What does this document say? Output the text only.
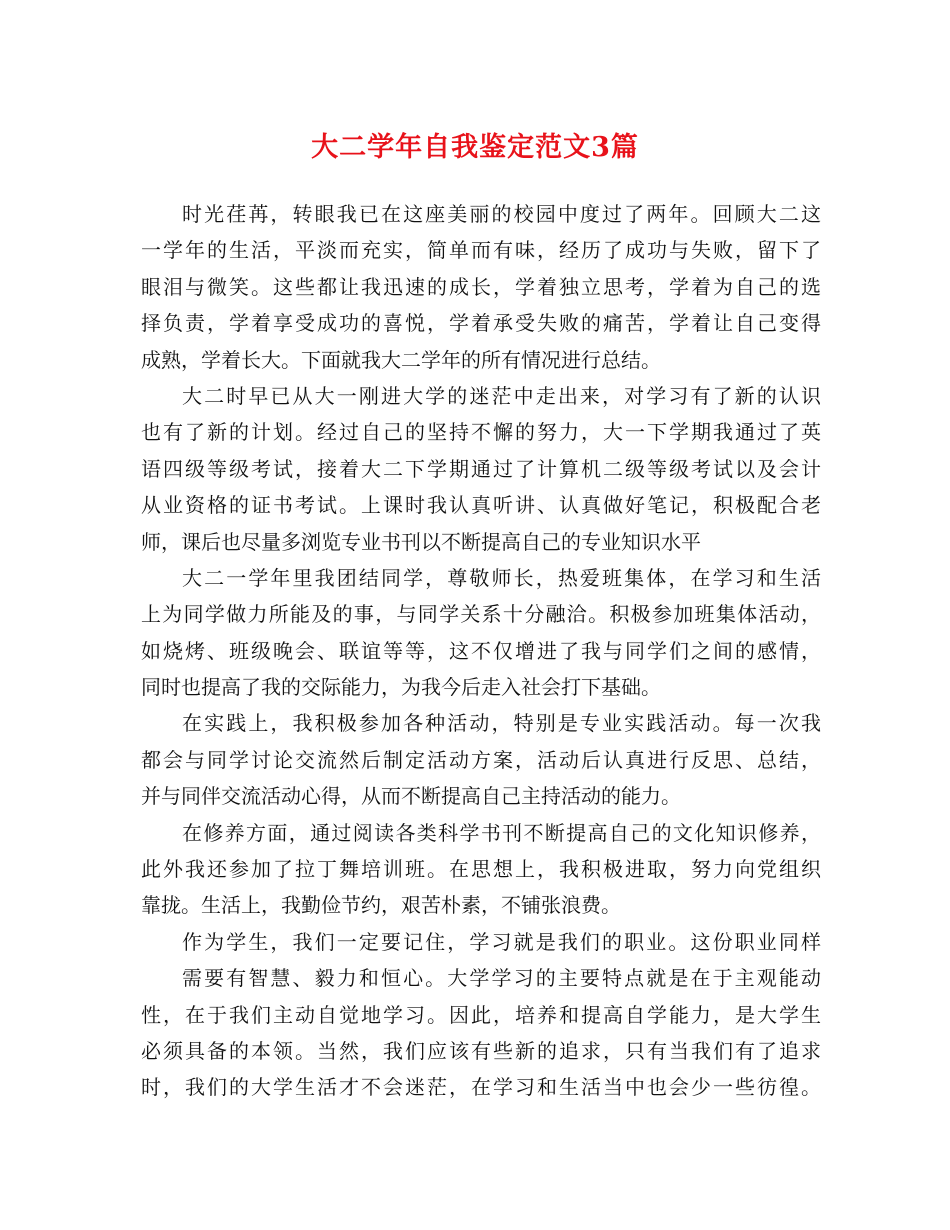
大二学年自我鉴定范文3篇
时光荏苒，转眼我已在这座美丽的校园中度过了两年。回顾大二这
一学年的生活，平淡而充实，简单而有味，经历了成功与失败，留下了
眼泪与微笑。这些都让我迅速的成长，学着独立思考，学着为自己的选
择负责，学着享受成功的喜悦，学着承受失败的痛苦，学着让自己变得
成熟，学着长大。下面就我大二学年的所有情况进行总结。
大二时早已从大一刚进大学的迷茫中走出来，对学习有了新的认识
也有了新的计划。经过自己的坚持不懈的努力，大一下学期我通过了英
语四级等级考试，接着大二下学期通过了计算机二级等级考试以及会计
从业资格的证书考试。上课时我认真听讲、认真做好笔记，积极配合老
师，课后也尽量多浏览专业书刊以不断提高自己的专业知识水平
大二一学年里我团结同学，尊敬师长，热爱班集体，在学习和生活
上为同学做力所能及的事，与同学关系十分融洽。积极参加班集体活动，
如烧烤、班级晚会、联谊等等，这不仅增进了我与同学们之间的感情，
同时也提高了我的交际能力，为我今后走入社会打下基础。
在实践上，我积极参加各种活动，特别是专业实践活动。每一次我
都会与同学讨论交流然后制定活动方案，活动后认真进行反思、总结，
并与同伴交流活动心得，从而不断提高自己主持活动的能力。
在修养方面，通过阅读各类科学书刊不断提高自己的文化知识修养，
此外我还参加了拉丁舞培训班。在思想上，我积极进取，努力向党组织
靠拢。生活上，我勤俭节约，艰苦朴素，不铺张浪费。
作为学生，我们一定要记住，学习就是我们的职业。这份职业同样
需要有智慧、毅力和恒心。大学学习的主要特点就是在于主观能动
性，在于我们主动自觉地学习。因此，培养和提高自学能力，是大学生
必须具备的本领。当然，我们应该有些新的追求，只有当我们有了追求
时，我们的大学生活才不会迷茫，在学习和生活当中也会少一些彷徨。
